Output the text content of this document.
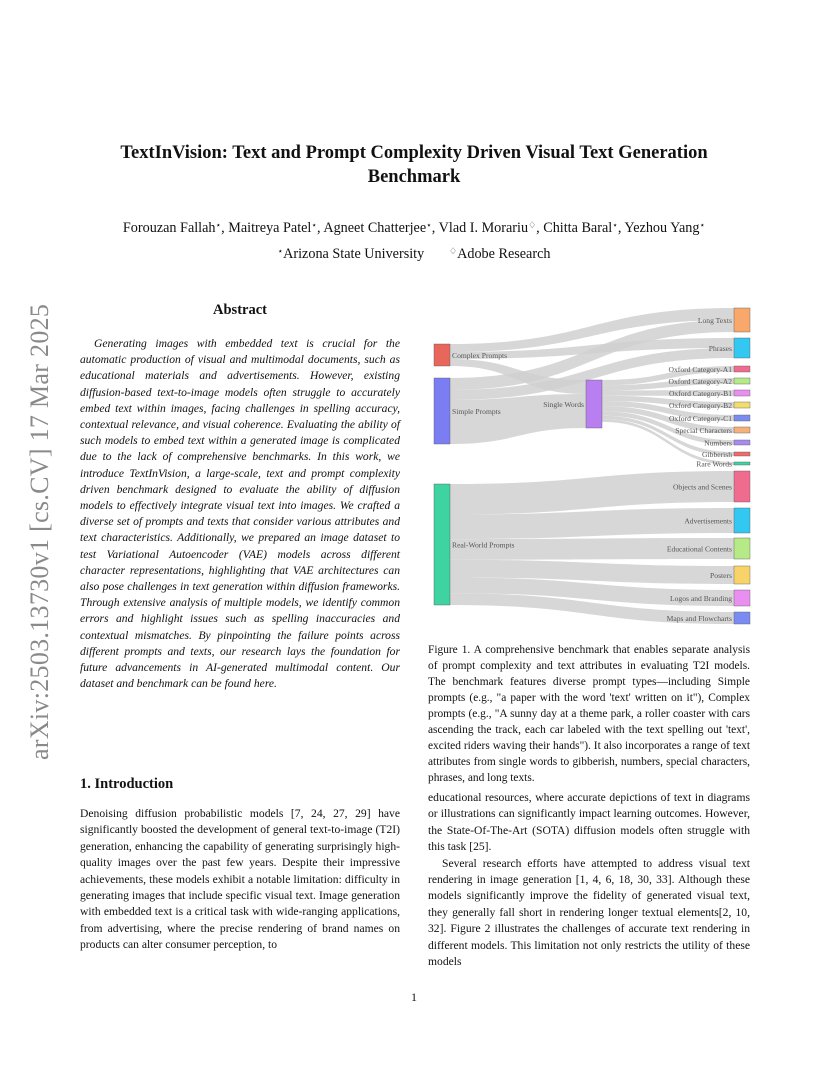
arXiv:2503.13730v1 [cs.CV] 17 Mar 2025
TextInVision: Text and Prompt Complexity Driven Visual Text Generation Benchmark
Forouzan Fallah⋆, Maitreya Patel⋆, Agneet Chatterjee⋆, Vlad I. Morariu♢, Chitta Baral⋆, Yezhou Yang⋆
⋆Arizona State University	♢Adobe Research
Abstract

Generating images with embedded text is crucial for the automatic production of visual and multimodal documents, such as educational materials and advertisements. However, existing diffusion-based text-to-image models often struggle to accurately embed text within images, facing challenges in spelling accuracy, contextual relevance, and visual coherence. Evaluating the ability of such models to embed text within a generated image is complicated due to the lack of comprehensive benchmarks. In this work, we introduce TextInVision, a large-scale, text and prompt complexity driven benchmark designed to evaluate the ability of diffusion models to effectively integrate visual text into images. We crafted a diverse set of prompts and texts that consider various attributes and text characteristics. Additionally, we prepared an image dataset to test Variational Autoencoder (VAE) models across different character representations, highlighting that VAE architectures can also pose challenges in text generation within diffusion frameworks. Through extensive analysis of multiple models, we identify common errors and highlight issues such as spelling inaccuracies and contextual mismatches. By pinpointing the failure points across different prompts and texts, our research lays the foundation for future advancements in AI-generated multimodal content. Our dataset and benchmark can be found here.

1. Introduction

Denoising diffusion probabilistic models [7, 24, 27, 29] have significantly boosted the development of general text-to-image (T2I) generation, enhancing the capability of generating surprisingly high-quality images over the past few years. Despite their impressive achievements, these models exhibit a notable limitation: difficulty in generating images that include specific visual text. Image generation with embedded text is a critical task with wide-ranging applications, from advertising, where the precise rendering of brand names on products can alter consumer perception, to

Complex Prompts
Simple Prompts
Real-World Prompts
Single Words
Long Texts
Phrases
Oxford Category-A1
Oxford Category-A2
Oxford Category-B1
Oxford Category-B2
Oxford Category-C1
Special Characters
Numbers
Gibberish
Rare Words
Objects and Scenes
Advertisements
Educational Contents
Posters
Logos and Branding
Maps and Flowcharts
Figure 1. A comprehensive benchmark that enables separate analysis of prompt complexity and text attributes in evaluating T2I models. The benchmark features diverse prompt types—including Simple prompts (e.g., "a paper with the word 'text' written on it"), Complex prompts (e.g., "A sunny day at a theme park, a roller coaster with cars ascending the track, each car labeled with the text spelling out 'text', excited riders waving their hands"). It also incorporates a range of text attributes from single words to gibberish, numbers, special characters, phrases, and long texts.

educational resources, where accurate depictions of text in diagrams or illustrations can significantly impact learning outcomes. However, the State-Of-The-Art (SOTA) diffusion models often struggle with this task [25].

Several research efforts have attempted to address visual text rendering in image generation [1, 4, 6, 18, 30, 33]. Although these models significantly improve the fidelity of generated visual text, they generally fall short in rendering longer textual elements[2, 10, 32]. Figure 2 illustrates the challenges of accurate text rendering in different models. This limitation not only restricts the utility of these models

1
